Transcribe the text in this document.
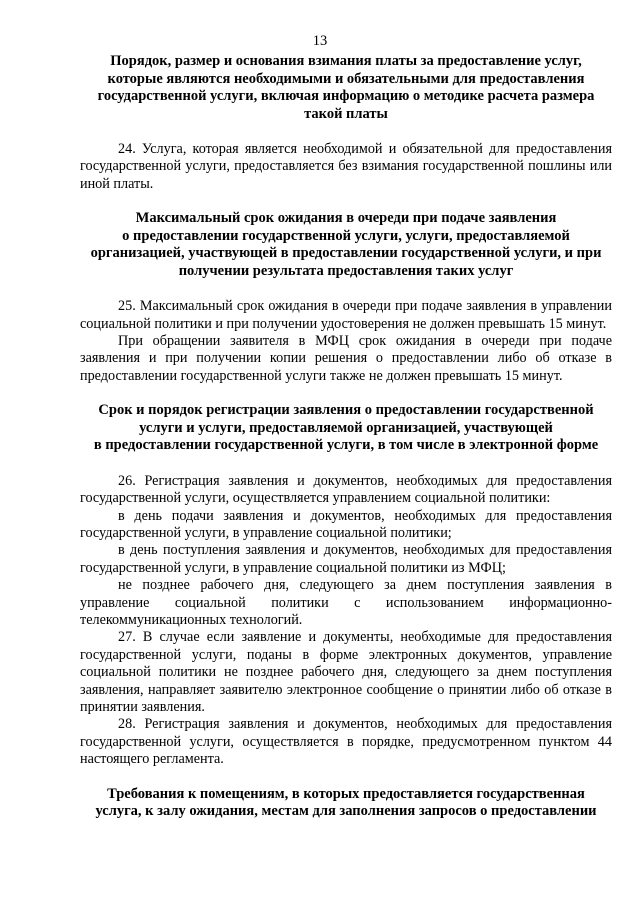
13
Порядок, размер и основания взимания платы за предоставление услуг,
которые являются необходимыми и обязательными для предоставления
государственной услуги, включая информацию о методике расчета размера
такой платы

24. Услуга, которая является необходимой и обязательной для предоставления государственной услуги, предоставляется без взимания государственной пошлины или иной платы.

Максимальный срок ожидания в очереди при подаче заявления
о предоставлении государственной услуги, услуги, предоставляемой
организацией, участвующей в предоставлении государственной услуги, и при
получении результата предоставления таких услуг

25. Максимальный срок ожидания в очереди при подаче заявления в управлении социальной политики и при получении удостоверения не должен превышать 15 минут.

При обращении заявителя в МФЦ срок ожидания в очереди при подаче заявления и при получении копии решения о предоставлении либо об отказе в предоставлении государственной услуги также не должен превышать 15 минут.

Срок и порядок регистрации заявления о предоставлении государственной
услуги и услуги, предоставляемой организацией, участвующей
в предоставлении государственной услуги, в том числе в электронной форме

26. Регистрация заявления и документов, необходимых для предоставления государственной услуги, осуществляется управлением социальной политики:

в день подачи заявления и документов, необходимых для предоставления государственной услуги, в управление социальной политики;

в день поступления заявления и документов, необходимых для предоставления государственной услуги, в управление социальной политики из МФЦ;

не позднее рабочего дня, следующего за днем поступления заявления в управление социальной политики с использованием информационно-телекоммуникационных технологий.

27. В случае если заявление и документы, необходимые для предоставления государственной услуги, поданы в форме электронных документов, управление социальной политики не позднее рабочего дня, следующего за днем поступления заявления, направляет заявителю электронное сообщение о принятии либо об отказе в принятии заявления.

28. Регистрация заявления и документов, необходимых для предоставления государственной услуги, осуществляется в порядке, предусмотренном пунктом 44 настоящего регламента.

Требования к помещениям, в которых предоставляется государственная
услуга, к залу ожидания, местам для заполнения запросов о предоставлении
